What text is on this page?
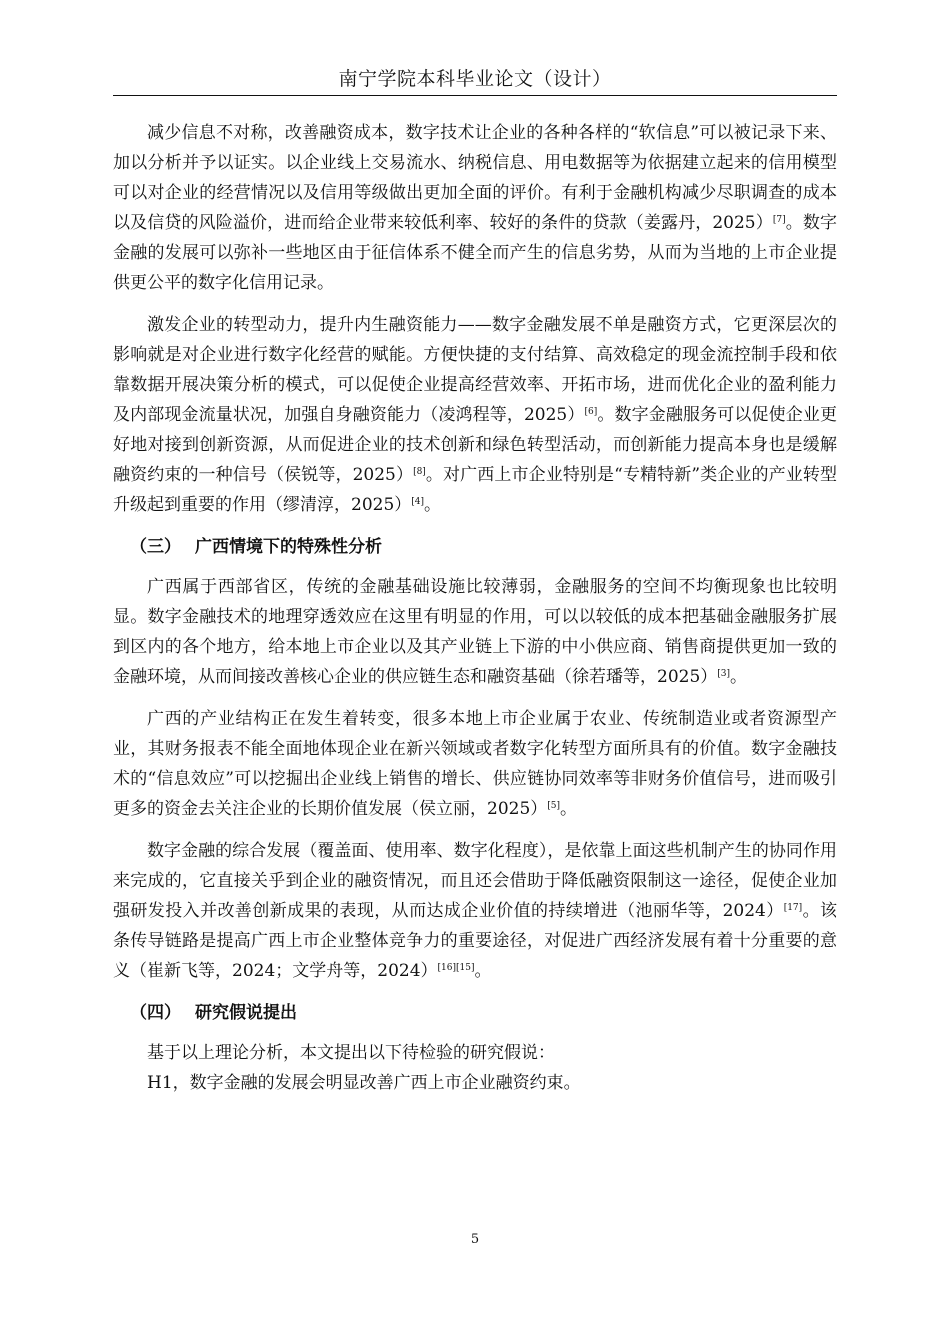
南宁学院本科毕业论文（设计）

减少信息不对称，改善融资成本，数字技术让企业的各种各样的“软信息”可以被记录下来、加以分析并予以证实。以企业线上交易流水、纳税信息、用电数据等为依据建立起来的信用模型可以对企业的经营情况以及信用等级做出更加全面的评价。有利于金融机构减少尽职调查的成本以及信贷的风险溢价，进而给企业带来较低利率、较好的条件的贷款（姜露丹，2025）[7]。数字金融的发展可以弥补一些地区由于征信体系不健全而产生的信息劣势，从而为当地的上市企业提供更公平的数字化信用记录。

激发企业的转型动力，提升内生融资能力——数字金融发展不单是融资方式，它更深层次的影响就是对企业进行数字化经营的赋能。方便快捷的支付结算、高效稳定的现金流控制手段和依靠数据开展决策分析的模式，可以促使企业提高经营效率、开拓市场，进而优化企业的盈利能力及内部现金流量状况，加强自身融资能力（凌鸿程等，2025）[6]。数字金融服务可以促使企业更好地对接到创新资源，从而促进企业的技术创新和绿色转型活动，而创新能力提高本身也是缓解融资约束的一种信号（侯锐等，2025）[8]。对广西上市企业特别是“专精特新”类企业的产业转型升级起到重要的作用（缪清淳，2025）[4]。

（三） 广西情境下的特殊性分析

广西属于西部省区，传统的金融基础设施比较薄弱，金融服务的空间不均衡现象也比较明显。数字金融技术的地理穿透效应在这里有明显的作用，可以以较低的成本把基础金融服务扩展到区内的各个地方，给本地上市企业以及其产业链上下游的中小供应商、销售商提供更加一致的金融环境，从而间接改善核心企业的供应链生态和融资基础（徐若璠等，2025）[3]。

广西的产业结构正在发生着转变，很多本地上市企业属于农业、传统制造业或者资源型产业，其财务报表不能全面地体现企业在新兴领域或者数字化转型方面所具有的价值。数字金融技术的“信息效应”可以挖掘出企业线上销售的增长、供应链协同效率等非财务价值信号，进而吸引更多的资金去关注企业的长期价值发展（侯立丽，2025）[5]。

数字金融的综合发展（覆盖面、使用率、数字化程度），是依靠上面这些机制产生的协同作用来完成的，它直接关乎到企业的融资情况，而且还会借助于降低融资限制这一途径，促使企业加强研发投入并改善创新成果的表现，从而达成企业价值的持续增进（池丽华等，2024）[17]。该条传导链路是提高广西上市企业整体竞争力的重要途径，对促进广西经济发展有着十分重要的意义（崔新飞等，2024；文学舟等，2024）[16][15]。

（四） 研究假说提出

基于以上理论分析，本文提出以下待检验的研究假说：

H1，数字金融的发展会明显改善广西上市企业融资约束。

5
